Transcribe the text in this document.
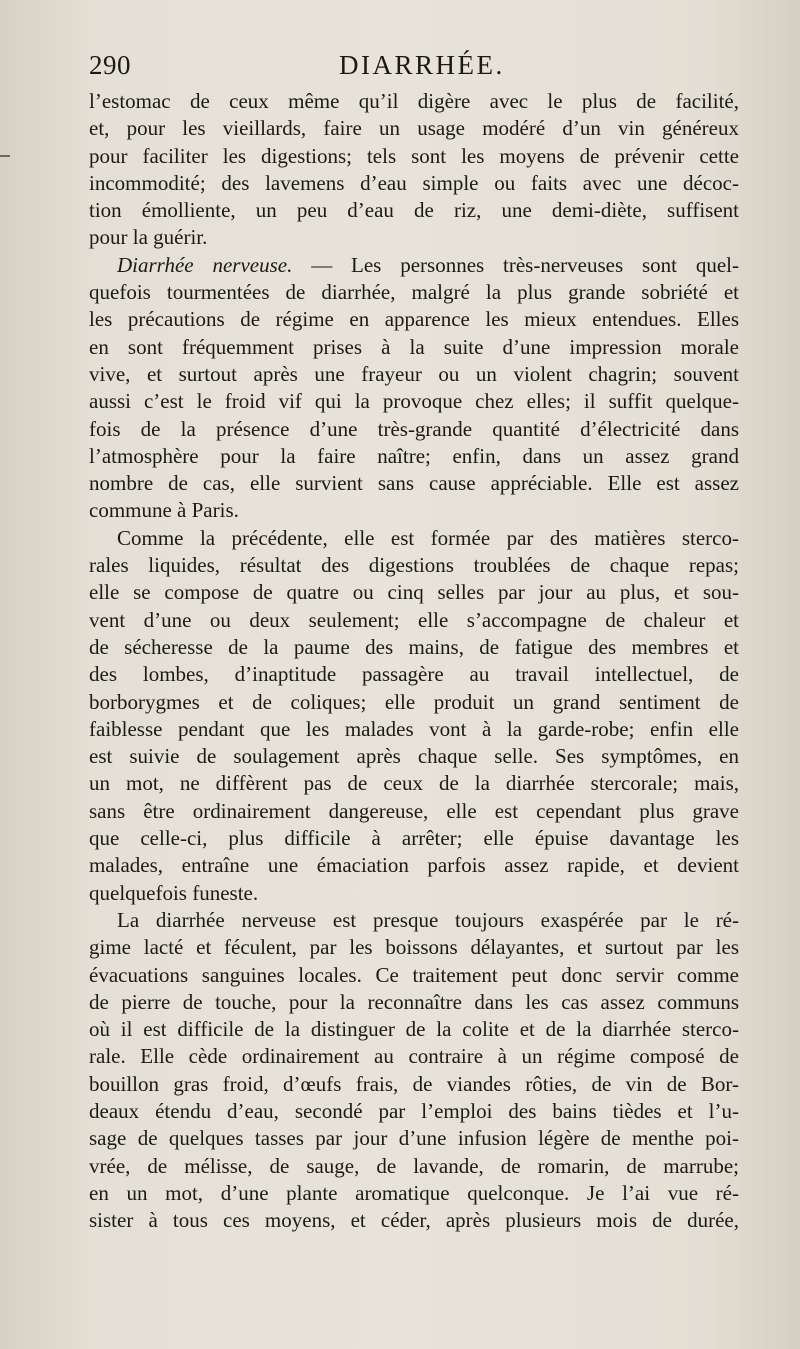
290	DIARRHÉE.
l’estomac de ceux même qu’il digère avec le plus de facilité,
et, pour les vieillards, faire un usage modéré d’un vin généreux
pour faciliter les digestions; tels sont les moyens de prévenir cette
incommodité; des lavemens d’eau simple ou faits avec une décoc-
tion émolliente, un peu d’eau de riz, une demi-diète, suffisent
pour la guérir.
Diarrhée nerveuse. — Les personnes très-nerveuses sont quel-
quefois tourmentées de diarrhée, malgré la plus grande sobriété et
les précautions de régime en apparence les mieux entendues. Elles
en sont fréquemment prises à la suite d’une impression morale
vive, et surtout après une frayeur ou un violent chagrin; souvent
aussi c’est le froid vif qui la provoque chez elles; il suffit quelque-
fois de la présence d’une très-grande quantité d’électricité dans
l’atmosphère pour la faire naître; enfin, dans un assez grand
nombre de cas, elle survient sans cause appréciable. Elle est assez
commune à Paris.
Comme la précédente, elle est formée par des matières sterco-
rales liquides, résultat des digestions troublées de chaque repas;
elle se compose de quatre ou cinq selles par jour au plus, et sou-
vent d’une ou deux seulement; elle s’accompagne de chaleur et
de sécheresse de la paume des mains, de fatigue des membres et
des lombes, d’inaptitude passagère au travail intellectuel, de
borborygmes et de coliques; elle produit un grand sentiment de
faiblesse pendant que les malades vont à la garde-robe; enfin elle
est suivie de soulagement après chaque selle. Ses symptômes, en
un mot, ne diffèrent pas de ceux de la diarrhée stercorale; mais,
sans être ordinairement dangereuse, elle est cependant plus grave
que celle-ci, plus difficile à arrêter; elle épuise davantage les
malades, entraîne une émaciation parfois assez rapide, et devient
quelquefois funeste.
La diarrhée nerveuse est presque toujours exaspérée par le ré-
gime lacté et féculent, par les boissons délayantes, et surtout par les
évacuations sanguines locales. Ce traitement peut donc servir comme
de pierre de touche, pour la reconnaître dans les cas assez communs
où il est difficile de la distinguer de la colite et de la diarrhée sterco-
rale. Elle cède ordinairement au contraire à un régime composé de
bouillon gras froid, d’œufs frais, de viandes rôties, de vin de Bor-
deaux étendu d’eau, secondé par l’emploi des bains tièdes et l’u-
sage de quelques tasses par jour d’une infusion légère de menthe poi-
vrée, de mélisse, de sauge, de lavande, de romarin, de marrube;
en un mot, d’une plante aromatique quelconque. Je l’ai vue ré-
sister à tous ces moyens, et céder, après plusieurs mois de durée,
